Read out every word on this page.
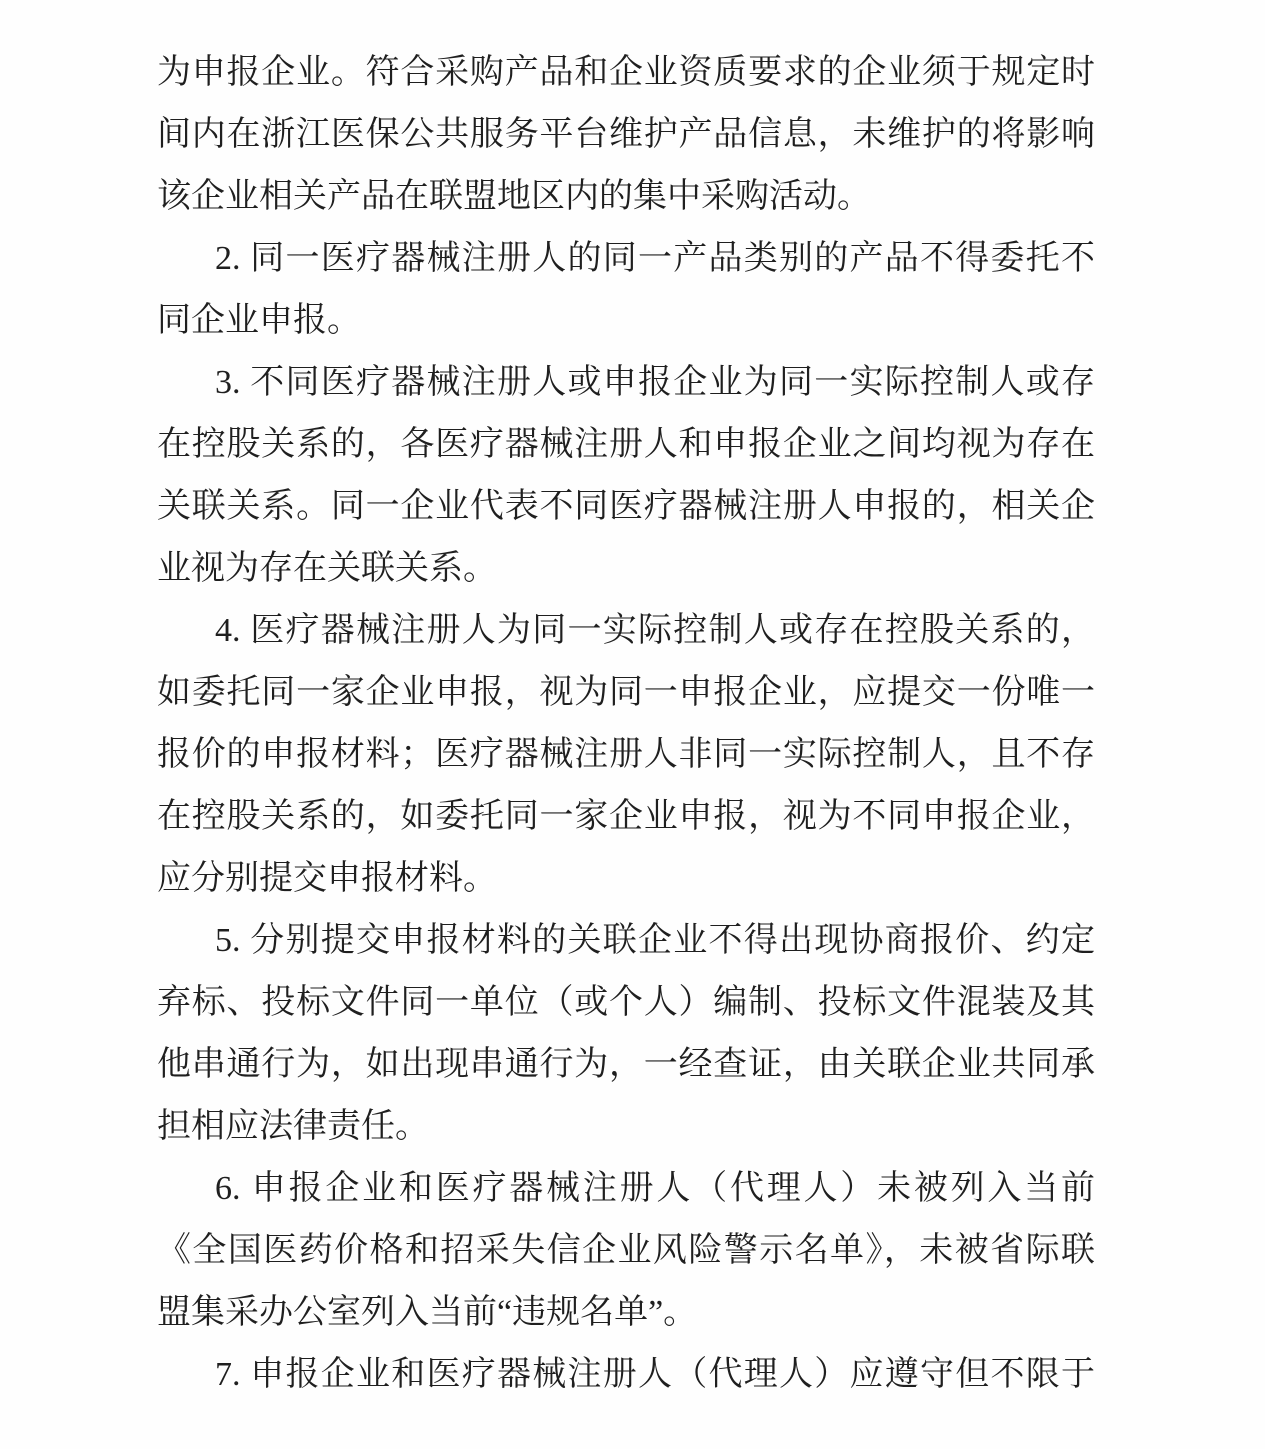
为申报企业。符合采购产品和企业资质要求的企业须于规定时
间内在浙江医保公共服务平台维护产品信息，未维护的将影响
该企业相关产品在联盟地区内的集中采购活动。
2. 同一医疗器械注册人的同一产品类别的产品不得委托不
同企业申报。
3. 不同医疗器械注册人或申报企业为同一实际控制人或存
在控股关系的，各医疗器械注册人和申报企业之间均视为存在
关联关系。同一企业代表不同医疗器械注册人申报的，相关企
业视为存在关联关系。
4. 医疗器械注册人为同一实际控制人或存在控股关系的，
如委托同一家企业申报，视为同一申报企业，应提交一份唯一
报价的申报材料；医疗器械注册人非同一实际控制人，且不存
在控股关系的，如委托同一家企业申报，视为不同申报企业，
应分别提交申报材料。
5. 分别提交申报材料的关联企业不得出现协商报价、约定
弃标、投标文件同一单位（或个人）编制、投标文件混装及其
他串通行为，如出现串通行为，一经查证，由关联企业共同承
担相应法律责任。
6. 申报企业和医疗器械注册人（代理人）未被列入当前
《全国医药价格和招采失信企业风险警示名单》，未被省际联
盟集采办公室列入当前“违规名单”。
7. 申报企业和医疗器械注册人（代理人）应遵守但不限于
